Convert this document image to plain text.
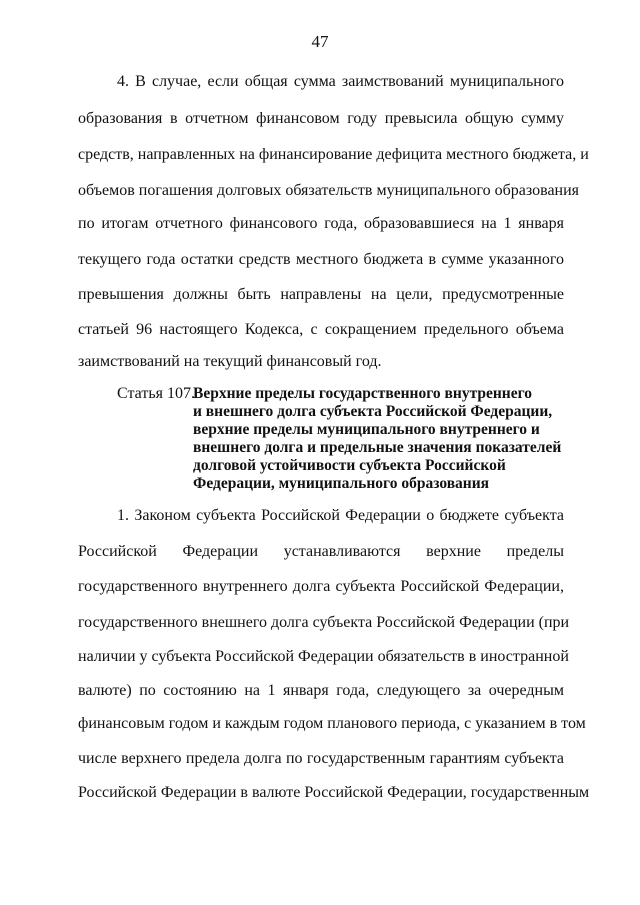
47
4. В случае, если общая сумма заимствований муниципального
образования в отчетном финансовом году превысила общую сумму
средств, направленных на финансирование дефицита местного бюджета, и
объемов погашения долговых обязательств муниципального образования
по итогам отчетного финансового года, образовавшиеся на 1 января
текущего года остатки средств местного бюджета в сумме указанного
превышения должны быть направлены на цели, предусмотренные
статьей 96 настоящего Кодекса, с сокращением предельного объема
заимствований на текущий финансовый год.
Статья 107.
Верхние пределы государственного внутреннего
и внешнего долга субъекта Российской Федерации,
верхние пределы муниципального внутреннего и
внешнего долга и предельные значения показателей
долговой устойчивости субъекта Российской
Федерации, муниципального образования
1. Законом субъекта Российской Федерации о бюджете субъекта
Российской Федерации устанавливаются верхние пределы
государственного внутреннего долга субъекта Российской Федерации,
государственного внешнего долга субъекта Российской Федерации (при
наличии у субъекта Российской Федерации обязательств в иностранной
валюте) по состоянию на 1 января года, следующего за очередным
финансовым годом и каждым годом планового периода, с указанием в том
числе верхнего предела долга по государственным гарантиям субъекта
Российской Федерации в валюте Российской Федерации, государственным
